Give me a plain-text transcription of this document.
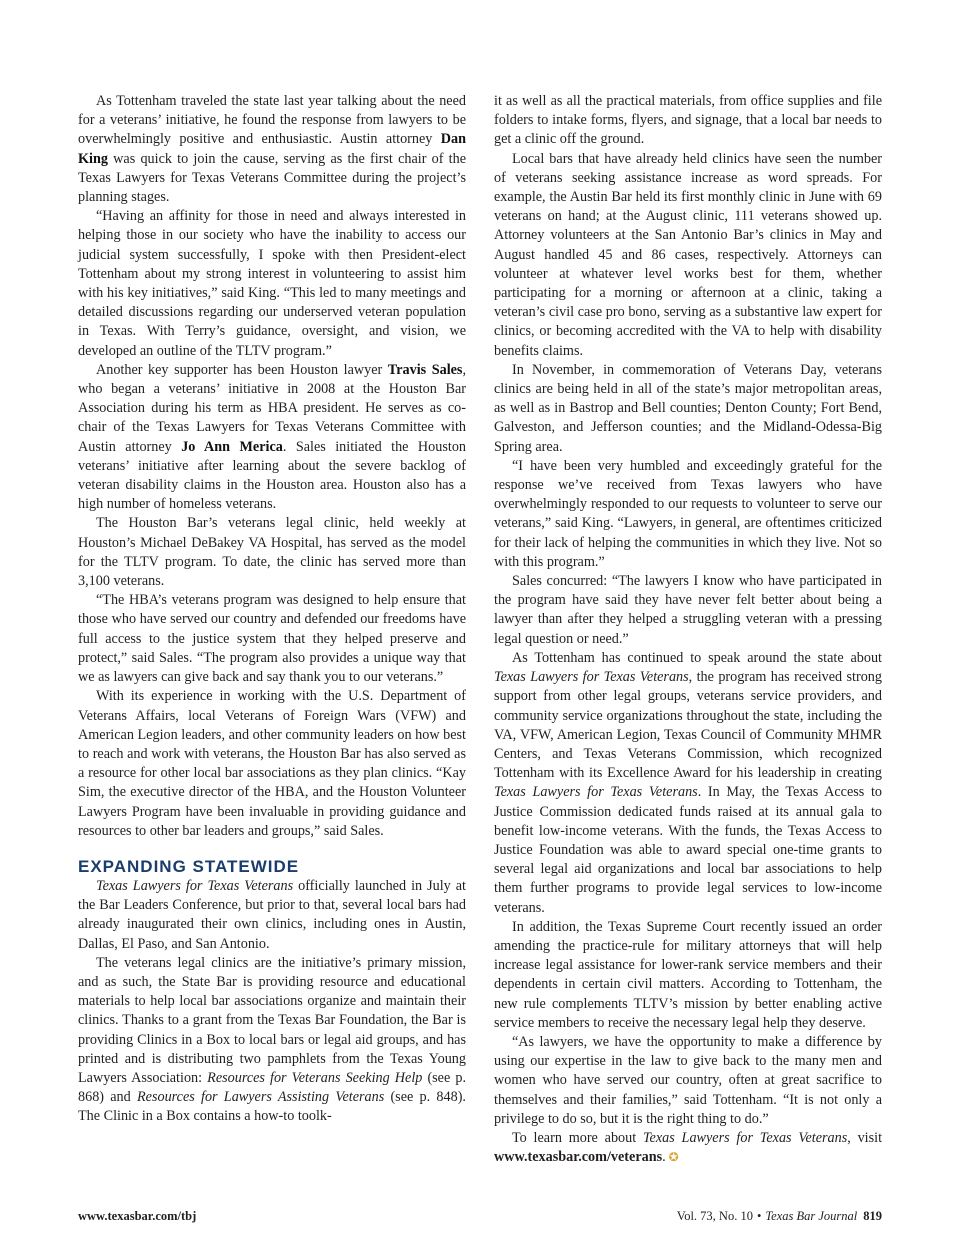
As Tottenham traveled the state last year talking about the need for a veterans’ initiative, he found the response from lawyers to be overwhelmingly positive and enthusiastic. Austin attorney Dan King was quick to join the cause, serving as the first chair of the Texas Lawyers for Texas Veterans Committee during the project’s planning stages.

“Having an affinity for those in need and always interested in helping those in our society who have the inability to access our judicial system successfully, I spoke with then President-elect Tottenham about my strong interest in volunteering to assist him with his key initiatives,” said King. “This led to many meetings and detailed discussions regarding our underserved veteran population in Texas. With Terry’s guidance, oversight, and vision, we developed an outline of the TLTV program.”

Another key supporter has been Houston lawyer Travis Sales, who began a veterans’ initiative in 2008 at the Houston Bar Association during his term as HBA president. He serves as co-chair of the Texas Lawyers for Texas Veterans Committee with Austin attorney Jo Ann Merica. Sales initiated the Houston veterans’ initiative after learning about the severe backlog of veteran disability claims in the Houston area. Houston also has a high number of homeless veterans.

The Houston Bar’s veterans legal clinic, held weekly at Houston’s Michael DeBakey VA Hospital, has served as the model for the TLTV program. To date, the clinic has served more than 3,100 veterans.

“The HBA’s veterans program was designed to help ensure that those who have served our country and defended our freedoms have full access to the justice system that they helped preserve and protect,” said Sales. “The program also provides a unique way that we as lawyers can give back and say thank you to our veterans.”

With its experience in working with the U.S. Department of Veterans Affairs, local Veterans of Foreign Wars (VFW) and American Legion leaders, and other community leaders on how best to reach and work with veterans, the Houston Bar has also served as a resource for other local bar associations as they plan clinics. “Kay Sim, the executive director of the HBA, and the Houston Volunteer Lawyers Program have been invaluable in providing guidance and resources to other bar leaders and groups,” said Sales.

EXPANDING STATEWIDE

Texas Lawyers for Texas Veterans officially launched in July at the Bar Leaders Conference, but prior to that, several local bars had already inaugurated their own clinics, including ones in Austin, Dallas, El Paso, and San Antonio.

The veterans legal clinics are the initiative’s primary mission, and as such, the State Bar is providing resource and educational materials to help local bar associations organize and maintain their clinics. Thanks to a grant from the Texas Bar Foundation, the Bar is providing Clinics in a Box to local bars or legal aid groups, and has printed and is distributing two pamphlets from the Texas Young Lawyers Association: Resources for Veterans Seeking Help (see p. 868) and Resources for Lawyers Assisting Veterans (see p. 848). The Clinic in a Box contains a how-to toolk-

it as well as all the practical materials, from office supplies and file folders to intake forms, flyers, and signage, that a local bar needs to get a clinic off the ground.

Local bars that have already held clinics have seen the number of veterans seeking assistance increase as word spreads. For example, the Austin Bar held its first monthly clinic in June with 69 veterans on hand; at the August clinic, 111 veterans showed up. Attorney volunteers at the San Antonio Bar’s clinics in May and August handled 45 and 86 cases, respectively. Attorneys can volunteer at whatever level works best for them, whether participating for a morning or afternoon at a clinic, taking a veteran’s civil case pro bono, serving as a substantive law expert for clinics, or becoming accredited with the VA to help with disability benefits claims.

In November, in commemoration of Veterans Day, veterans clinics are being held in all of the state’s major metropolitan areas, as well as in Bastrop and Bell counties; Denton County; Fort Bend, Galveston, and Jefferson counties; and the Midland-Odessa-Big Spring area.

“I have been very humbled and exceedingly grateful for the response we’ve received from Texas lawyers who have overwhelmingly responded to our requests to volunteer to serve our veterans,” said King. “Lawyers, in general, are oftentimes criticized for their lack of helping the communities in which they live. Not so with this program.”

Sales concurred: “The lawyers I know who have participated in the program have said they have never felt better about being a lawyer than after they helped a struggling veteran with a pressing legal question or need.”

As Tottenham has continued to speak around the state about Texas Lawyers for Texas Veterans, the program has received strong support from other legal groups, veterans service providers, and community service organizations throughout the state, including the VA, VFW, American Legion, Texas Council of Community MHMR Centers, and Texas Veterans Commission, which recognized Tottenham with its Excellence Award for his leadership in creating Texas Lawyers for Texas Veterans. In May, the Texas Access to Justice Commission dedicated funds raised at its annual gala to benefit low-income veterans. With the funds, the Texas Access to Justice Foundation was able to award special one-time grants to several legal aid organizations and local bar associations to help them further programs to provide legal services to low-income veterans.

In addition, the Texas Supreme Court recently issued an order amending the practice-rule for military attorneys that will help increase legal assistance for lower-rank service members and their dependents in certain civil matters. According to Tottenham, the new rule complements TLTV’s mission by better enabling active service members to receive the necessary legal help they deserve.

“As lawyers, we have the opportunity to make a difference by using our expertise in the law to give back to the many men and women who have served our country, often at great sacrifice to themselves and their families,” said Tottenham. “It is not only a privilege to do so, but it is the right thing to do.”

To learn more about Texas Lawyers for Texas Veterans, visit www.texasbar.com/veterans. ✪

www.texasbar.com/tbj	Vol. 73, No. 10 • Texas Bar Journal 819
